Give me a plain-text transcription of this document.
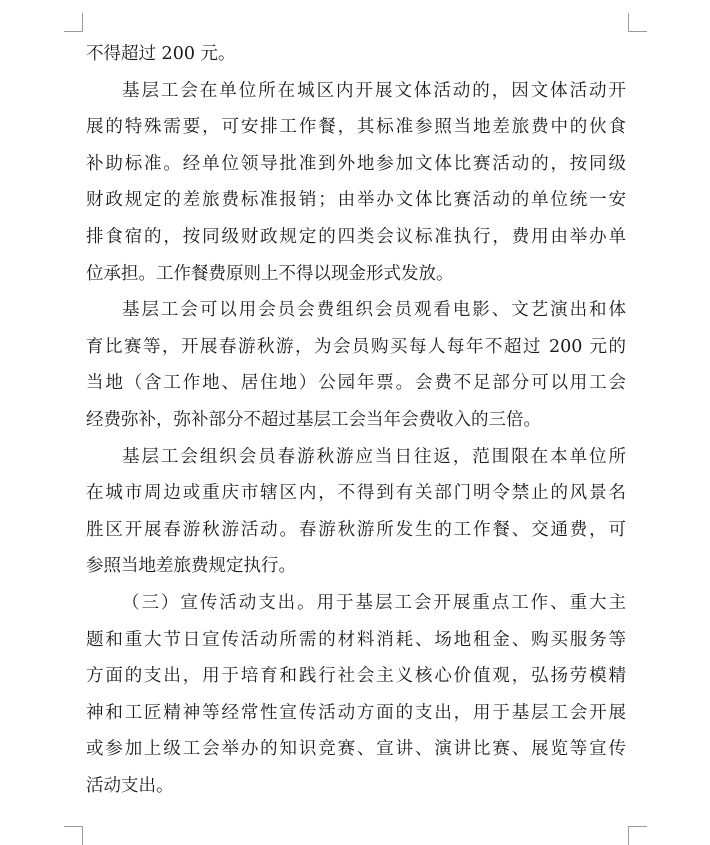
不得超过 200 元。
基层工会在单位所在城区内开展文体活动的，因文体活动开
展的特殊需要，可安排工作餐，其标准参照当地差旅费中的伙食
补助标准。经单位领导批准到外地参加文体比赛活动的，按同级
财政规定的差旅费标准报销；由举办文体比赛活动的单位统一安
排食宿的，按同级财政规定的四类会议标准执行，费用由举办单
位承担。工作餐费原则上不得以现金形式发放。
基层工会可以用会员会费组织会员观看电影、文艺演出和体
育比赛等，开展春游秋游，为会员购买每人每年不超过 200 元的
当地（含工作地、居住地）公园年票。会费不足部分可以用工会
经费弥补，弥补部分不超过基层工会当年会费收入的三倍。
基层工会组织会员春游秋游应当日往返，范围限在本单位所
在城市周边或重庆市辖区内，不得到有关部门明令禁止的风景名
胜区开展春游秋游活动。春游秋游所发生的工作餐、交通费，可
参照当地差旅费规定执行。
（三）宣传活动支出。用于基层工会开展重点工作、重大主
题和重大节日宣传活动所需的材料消耗、场地租金、购买服务等
方面的支出，用于培育和践行社会主义核心价值观，弘扬劳模精
神和工匠精神等经常性宣传活动方面的支出，用于基层工会开展
或参加上级工会举办的知识竞赛、宣讲、演讲比赛、展览等宣传
活动支出。
